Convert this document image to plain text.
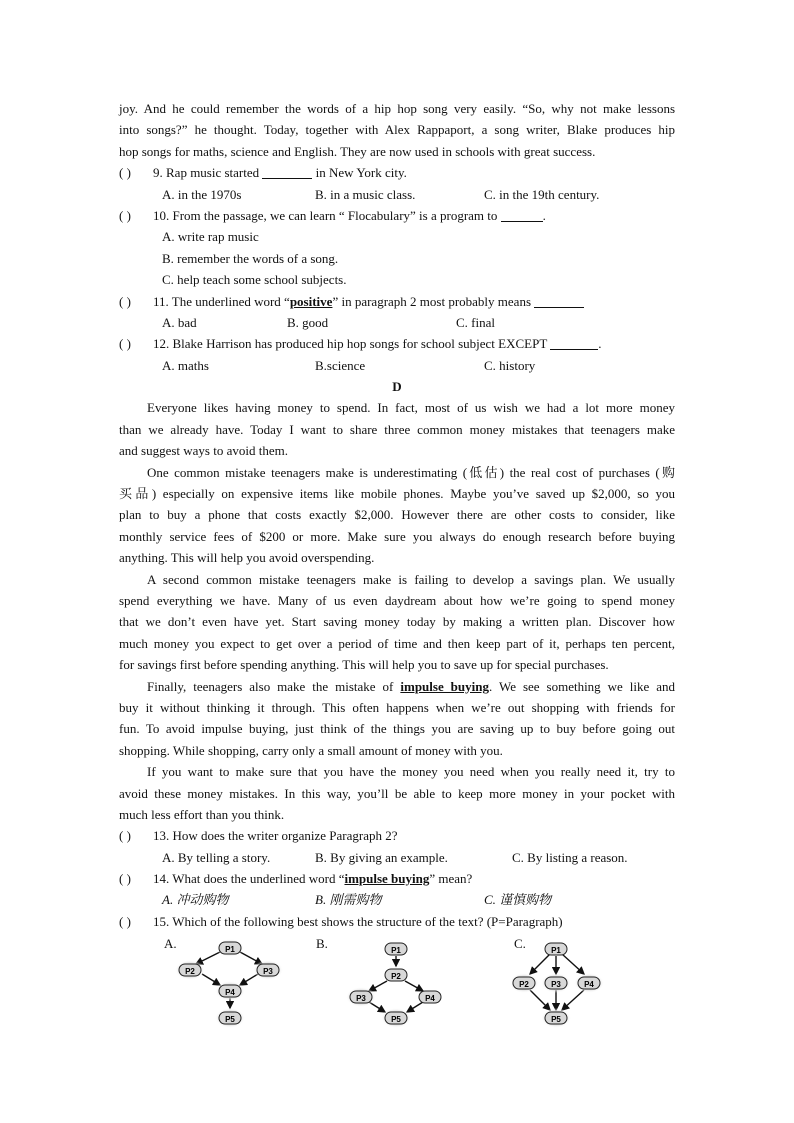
joy. And he could remember the words of a hip hop song very easily. “So, why not make lessons
into songs?” he thought. Today, together with Alex Rappaport, a song writer, Blake produces hip
hop songs for maths, science and English. They are now used in schools with great success.
( ) 9. Rap music started	in New York city.
A. in the 1970s	B. in a music class.	C. in the 19th century.
( ) 10. From the passage, we can learn “ Flocabulary” is a program to	.
A. write rap music
B. remember the words of a song.
C. help teach some school subjects.
( ) 11. The underlined word “positive” in paragraph 2 most probably means
A. bad	B. good	C. final
( ) 12. Blake Harrison has produced hip hop songs for school subject EXCEPT	.
A. maths	B.science	C. history
D
Everyone likes having money to spend. In fact, most of us wish we had a lot more money
than we already have. Today I want to share three common money mistakes that teenagers make
and suggest ways to avoid them.
One common mistake teenagers make is underestimating (低估) the real cost of purchases (购
买品) especially on expensive items like mobile phones. Maybe you’ve saved up $2,000, so you
plan to buy a phone that costs exactly $2,000. However there are other costs to consider, like
monthly service fees of $200 or more. Make sure you always do enough research before buying
anything. This will help you avoid overspending.
A second common mistake teenagers make is failing to develop a savings plan. We usually
spend everything we have. Many of us even daydream about how we’re going to spend money
that we don’t even have yet. Start saving money today by making a written plan. Discover how
much money you expect to get over a period of time and then keep part of it, perhaps ten percent,
for savings first before spending anything. This will help you to save up for special purchases.
Finally, teenagers also make the mistake of impulse buying. We see something we like and
buy it without thinking it through. This often happens when we’re out shopping with friends for
fun. To avoid impulse buying, just think of the things you are saving up to buy before going out
shopping. While shopping, carry only a small amount of money with you.
If you want to make sure that you have the money you need when you really need it, try to
avoid these money mistakes. In this way, you’ll be able to keep more money in your pocket with
much less effort than you think.
( ) 13. How does the writer organize Paragraph 2?
A. By telling a story.	B. By giving an example.	C. By listing a reason.
( ) 14. What does the underlined word “impulse buying” mean?
A. 冲动购物	B. 刚需购物	C. 谨慎购物
( ) 15. Which of the following best shows the structure of the text? (P=Paragraph)
A.	P1
P2	P3
P4
P5
B.	P1
P2
P3	P4
P5
C.	P1
P2	P3	P4
P5
